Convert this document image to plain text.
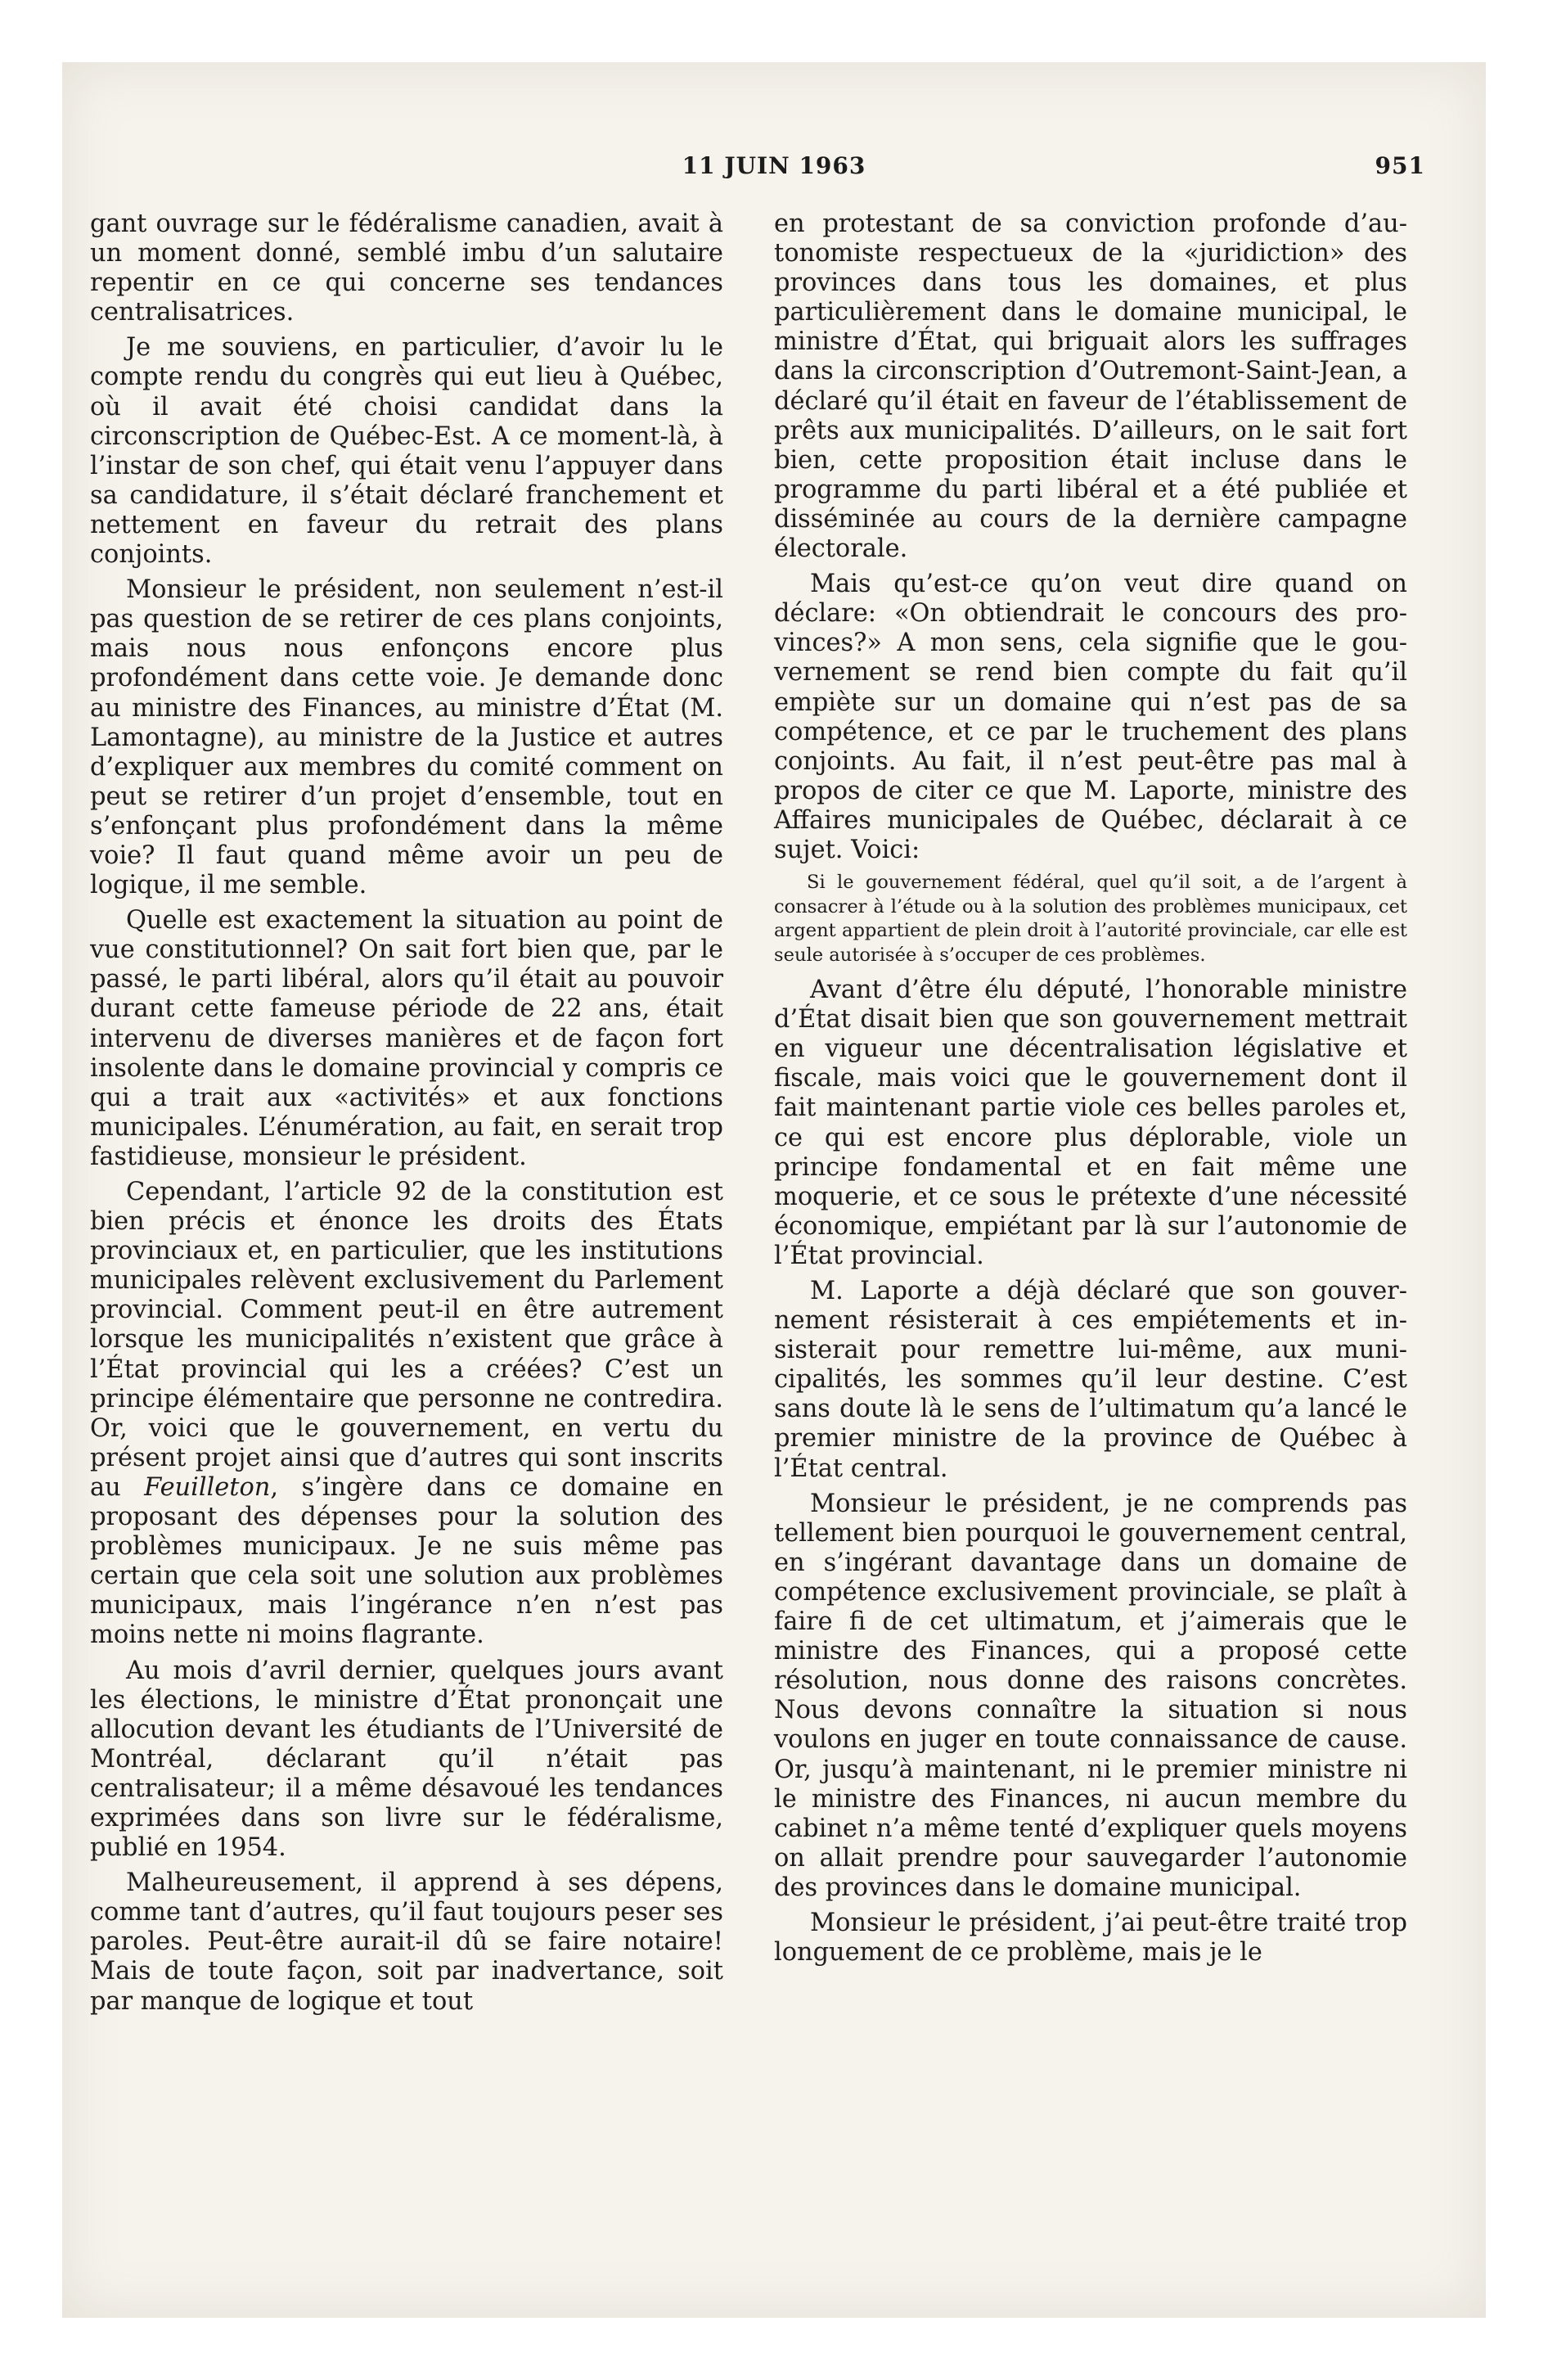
11 JUIN 1963	951

gant ouvrage sur le fédéralisme canadien, avait à un moment donné, semblé imbu d’un salutaire repentir en ce qui concerne ses tendances centralisatrices.

Je me souviens, en particulier, d’avoir lu le compte rendu du congrès qui eut lieu à Québec, où il avait été choisi candidat dans la circonscription de Québec-Est. A ce moment-là, à l’instar de son chef, qui était venu l’appuyer dans sa candidature, il s’était déclaré franchement et nettement en faveur du retrait des plans conjoints.

Monsieur le président, non seulement n’est-il pas question de se retirer de ces plans conjoints, mais nous nous enfonçons encore plus profondément dans cette voie. Je demande donc au ministre des Finances, au ministre d’État (M. Lamontagne), au ministre de la Justice et autres d’expliquer aux membres du comité comment on peut se retirer d’un projet d’ensemble, tout en s’enfonçant plus profondément dans la même voie? Il faut quand même avoir un peu de logique, il me semble.

Quelle est exactement la situation au point de vue constitutionnel? On sait fort bien que, par le passé, le parti libéral, alors qu’il était au pouvoir durant cette fameuse période de 22 ans, était intervenu de diverses manières et de façon fort insolente dans le domaine provincial y compris ce qui a trait aux «activités» et aux fonctions municipales. L’énumération, au fait, en serait trop fastidieuse, monsieur le président.

Cependant, l’article 92 de la constitution est bien précis et énonce les droits des États provinciaux et, en particulier, que les institutions municipales relèvent exclusivement du Parlement provincial. Comment peut-il en être autrement lorsque les municipalités n’existent que grâce à l’État provincial qui les a créées? C’est un principe élémentaire que personne ne contredira. Or, voici que le gouvernement, en vertu du présent projet ainsi que d’autres qui sont inscrits au Feuilleton, s’ingère dans ce domaine en proposant des dépenses pour la solution des problèmes municipaux. Je ne suis même pas certain que cela soit une solution aux problèmes municipaux, mais l’ingérance n’en n’est pas moins nette ni moins flagrante.

Au mois d’avril dernier, quelques jours avant les élections, le ministre d’État prononçait une allocution devant les étudiants de l’Université de Montréal, déclarant qu’il n’était pas centralisateur; il a même désavoué les tendances exprimées dans son livre sur le fédéralisme, publié en 1954.

Malheureusement, il apprend à ses dépens, comme tant d’autres, qu’il faut toujours peser ses paroles. Peut-être aurait-il dû se faire notaire! Mais de toute façon, soit par inadvertance, soit par manque de logique et tout

en protestant de sa conviction profonde d’autonomiste respectueux de la «juridiction» des provinces dans tous les domaines, et plus particulièrement dans le domaine municipal, le ministre d’État, qui briguait alors les suffrages dans la circonscription d’Outremont-Saint-Jean, a déclaré qu’il était en faveur de l’établissement de prêts aux municipalités. D’ailleurs, on le sait fort bien, cette proposition était incluse dans le programme du parti libéral et a été publiée et disséminée au cours de la dernière campagne électorale.

Mais qu’est-ce qu’on veut dire quand on déclare: «On obtiendrait le concours des provinces?» A mon sens, cela signifie que le gouvernement se rend bien compte du fait qu’il empiète sur un domaine qui n’est pas de sa compétence, et ce par le truchement des plans conjoints. Au fait, il n’est peut-être pas mal à propos de citer ce que M. Laporte, ministre des Affaires municipales de Québec, déclarait à ce sujet. Voici:

Si le gouvernement fédéral, quel qu’il soit, a de l’argent à consacrer à l’étude ou à la solution des problèmes municipaux, cet argent appartient de plein droit à l’autorité provinciale, car elle est seule autorisée à s’occuper de ces problèmes.

Avant d’être élu député, l’honorable ministre d’État disait bien que son gouvernement mettrait en vigueur une décentralisation législative et fiscale, mais voici que le gouvernement dont il fait maintenant partie viole ces belles paroles et, ce qui est encore plus déplorable, viole un principe fondamental et en fait même une moquerie, et ce sous le prétexte d’une nécessité économique, empiétant par là sur l’autonomie de l’État provincial.

M. Laporte a déjà déclaré que son gouvernement résisterait à ces empiétements et insisterait pour remettre lui-même, aux municipalités, les sommes qu’il leur destine. C’est sans doute là le sens de l’ultimatum qu’a lancé le premier ministre de la province de Québec à l’État central.

Monsieur le président, je ne comprends pas tellement bien pourquoi le gouvernement central, en s’ingérant davantage dans un domaine de compétence exclusivement provinciale, se plaît à faire fi de cet ultimatum, et j’aimerais que le ministre des Finances, qui a proposé cette résolution, nous donne des raisons concrètes. Nous devons connaître la situation si nous voulons en juger en toute connaissance de cause. Or, jusqu’à maintenant, ni le premier ministre ni le ministre des Finances, ni aucun membre du cabinet n’a même tenté d’expliquer quels moyens on allait prendre pour sauvegarder l’autonomie des provinces dans le domaine municipal.

Monsieur le président, j’ai peut-être traité trop longuement de ce problème, mais je le
